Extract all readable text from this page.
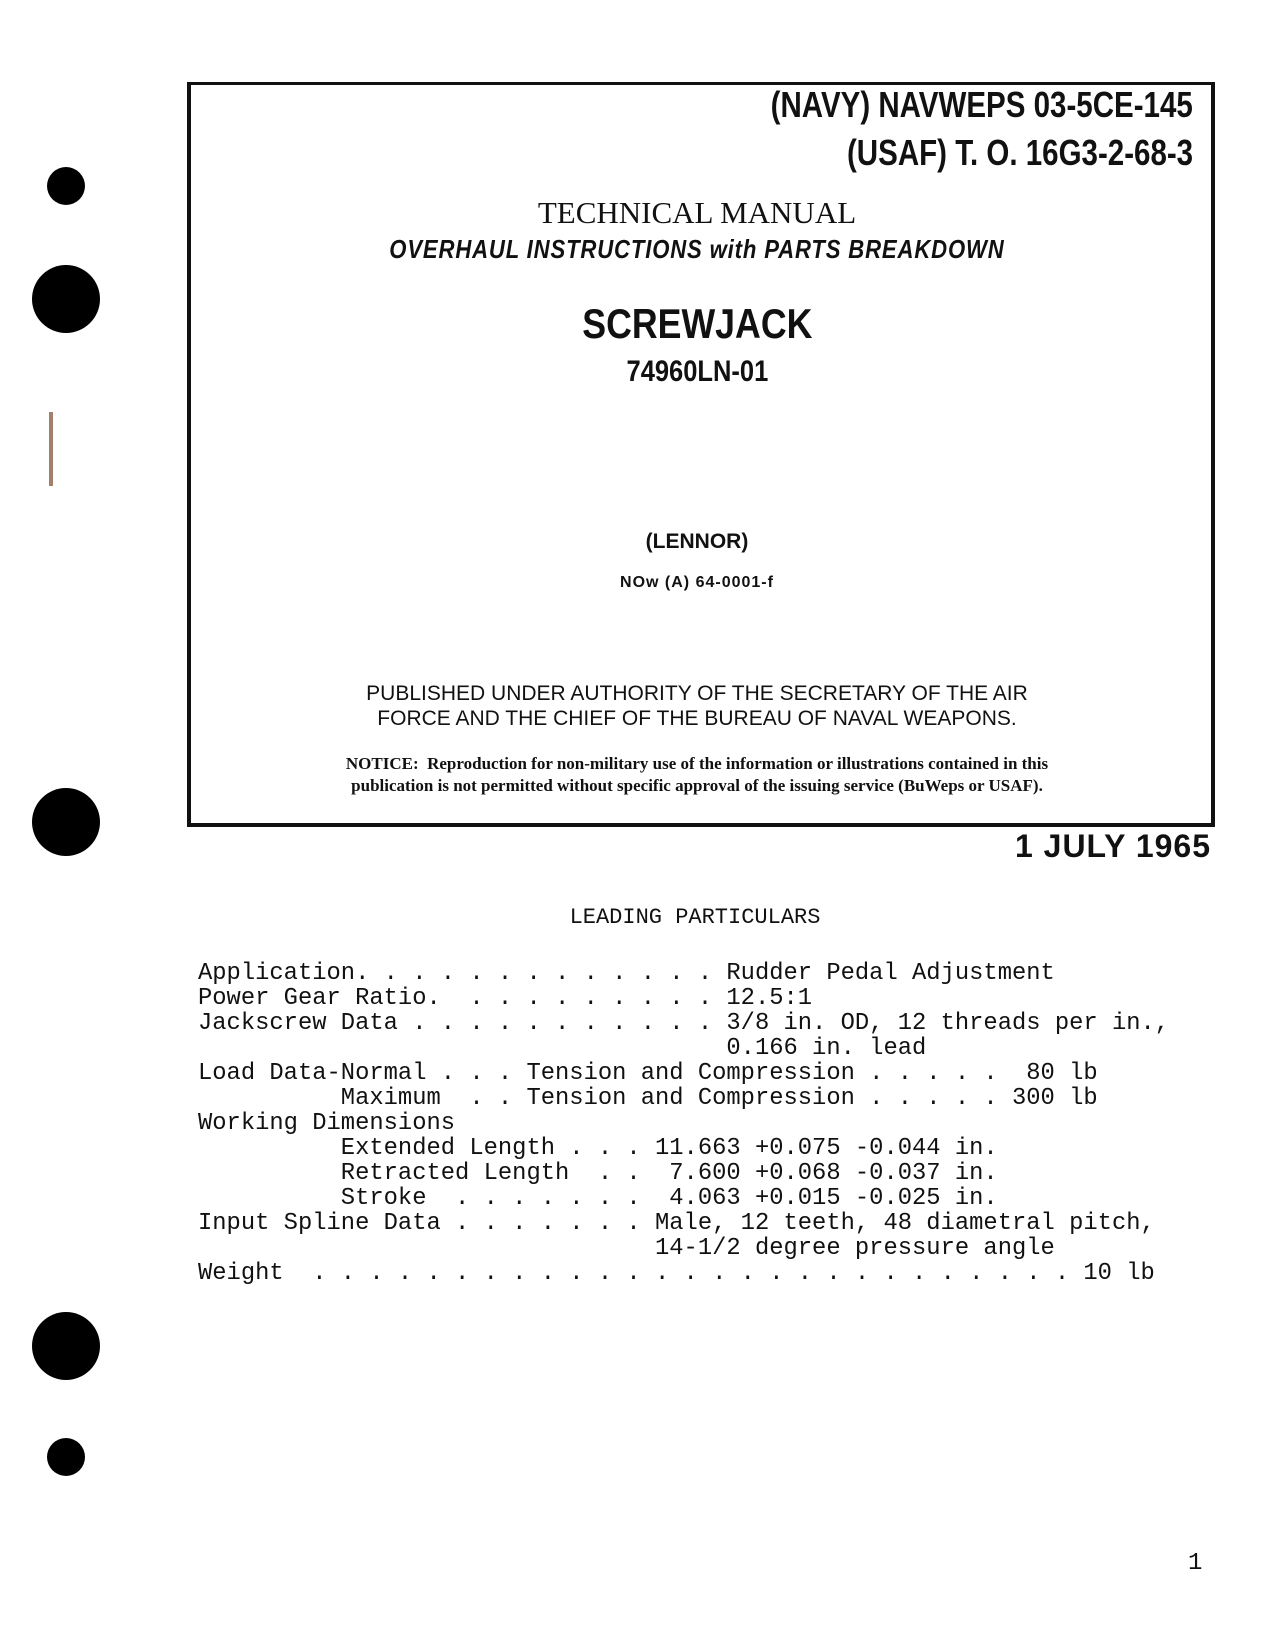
(NAVY) NAVWEPS 03-5CE-145
(USAF) T. O. 16G3-2-68-3
TECHNICAL MANUAL
OVERHAUL INSTRUCTIONS with PARTS BREAKDOWN
SCREWJACK
74960LN-01
(LENNOR)
NOw (A) 64-0001-f
PUBLISHED UNDER AUTHORITY OF THE SECRETARY OF THE AIR
FORCE AND THE CHIEF OF THE BUREAU OF NAVAL WEAPONS.
NOTICE:  Reproduction for non-military use of the information or illustrations contained in this
publication is not permitted without specific approval of the issuing service (BuWeps or USAF).
1 JULY 1965
LEADING PARTICULARS
Application. . . . . . . . . . . . . Rudder Pedal Adjustment
Power Gear Ratio.  . . . . . . . . . 12.5:1
Jackscrew Data . . . . . . . . . . . 3/8 in. OD, 12 threads per in.,
0.166 in. lead
Load Data-Normal . . . Tension and Compression . . . . .  80 lb
Maximum  . . Tension and Compression . . . . . 300 lb
Working Dimensions
Extended Length . . . 11.663 +0.075 -0.044 in.
Retracted Length  . .  7.600 +0.068 -0.037 in.
Stroke  . . . . . . .  4.063 +0.015 -0.025 in.
Input Spline Data . . . . . . . Male, 12 teeth, 48 diametral pitch,
14-1/2 degree pressure angle
Weight  . . . . . . . . . . . . . . . . . . . . . . . . . . . 10 lb
1
